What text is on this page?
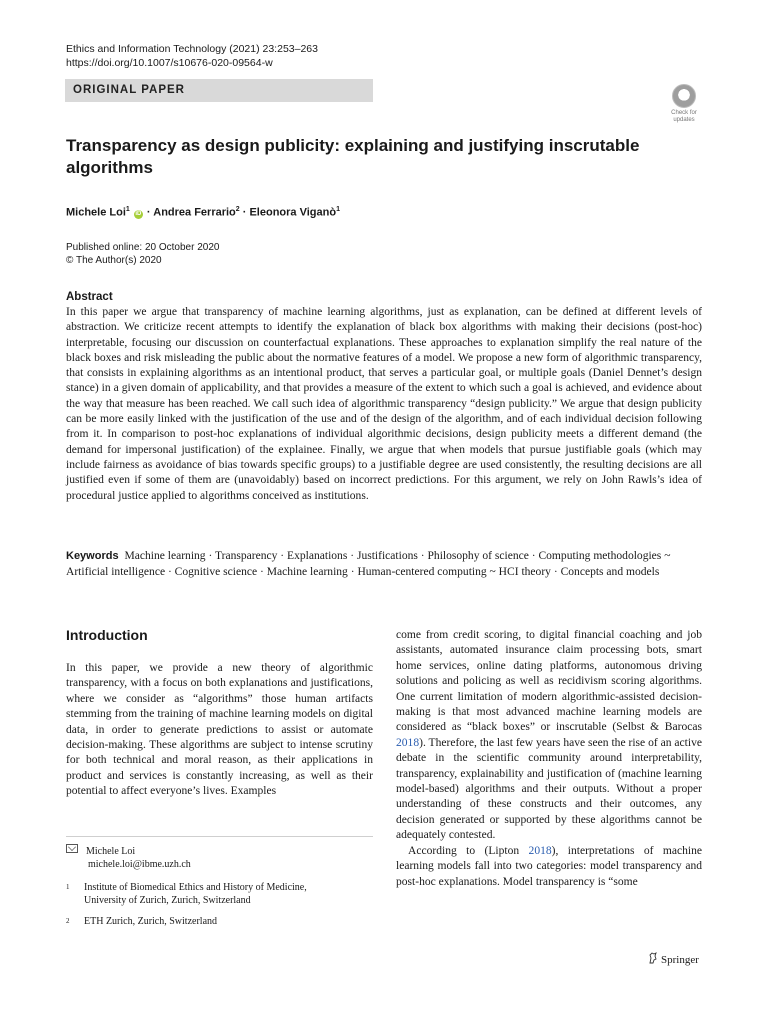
Ethics and Information Technology (2021) 23:253–263
https://doi.org/10.1007/s10676-020-09564-w
ORIGINAL PAPER
Check for
updates
Transparency as design publicity: explaining and justifying inscrutable algorithms
Michele Loi$^1$ iD · Andrea Ferrario$^2$ · Eleonora Viganò$^1$
Published online: 20 October 2020
© The Author(s) 2020
Abstract
In this paper we argue that transparency of machine learning algorithms, just as explanation, can be defined at different levels of abstraction. We criticize recent attempts to identify the explanation of black box algorithms with making their decisions (post-hoc) interpretable, focusing our discussion on counterfactual explanations. These approaches to explanation simplify the real nature of the black boxes and risk misleading the public about the normative features of a model. We propose a new form of algorithmic transparency, that consists in explaining algorithms as an intentional product, that serves a particular goal, or multiple goals (Daniel Dennet’s design stance) in a given domain of applicability, and that provides a measure of the extent to which such a goal is achieved, and evidence about the way that measure has been reached. We call such idea of algorithmic transparency “design publicity.” We argue that design publicity can be more easily linked with the justification of the use and of the design of the algorithm, and of each individual decision following from it. In comparison to post-hoc explanations of individual algorithmic decisions, design publicity meets a different demand (the demand for impersonal justification) of the explainee. Finally, we argue that when models that pursue justifiable goals (which may include fairness as avoidance of bias towards specific groups) to a justifiable degree are used consistently, the resulting decisions are all justified even if some of them are (unavoidably) based on incorrect predictions. For this argument, we rely on John Rawls’s idea of procedural justice applied to algorithms conceived as institutions.
Keywords Machine learning · Transparency · Explanations · Justifications · Philosophy of science · Computing methodologies ~ Artificial intelligence · Cognitive science · Machine learning · Human-centered computing ~ HCI theory · Concepts and models
Introduction
In this paper, we provide a new theory of algorithmic transparency, with a focus on both explanations and justifications, where we consider as “algorithms” those human artifacts stemming from the training of machine learning models on digital data, in order to generate predictions to assist or automate decision-making. These algorithms are subject to intense scrutiny for both technical and moral reason, as their applications in product and services is constantly increasing, as well as their potential to affect everyone’s lives. Examples

come from credit scoring, to digital financial coaching and job assistants, automated insurance claim processing bots, smart home services, online dating platforms, autonomous driving solutions and policing as well as recidivism scoring algorithms. One current limitation of modern algorithmic-assisted decision-making is that most advanced machine learning models are considered as “black boxes” or inscrutable (Selbst & Barocas 2018). Therefore, the last few years have seen the rise of an active debate in the scientific community around interpretability, transparency, explainability and justification of (machine learning model-based) algorithms and their outputs. Without a proper understanding of these constructs and their outcomes, any decision generated or supported by these algorithms cannot be adequately contested.

According to (Lipton 2018), interpretations of machine learning models fall into two categories: model transparency and post-hoc explanations. Model transparency is “some

Michele Loi
michele.loi@ibme.uzh.ch
1 Institute of Biomedical Ethics and History of Medicine,
University of Zurich, Zurich, Switzerland
2 ETH Zurich, Zurich, Switzerland
Springer
